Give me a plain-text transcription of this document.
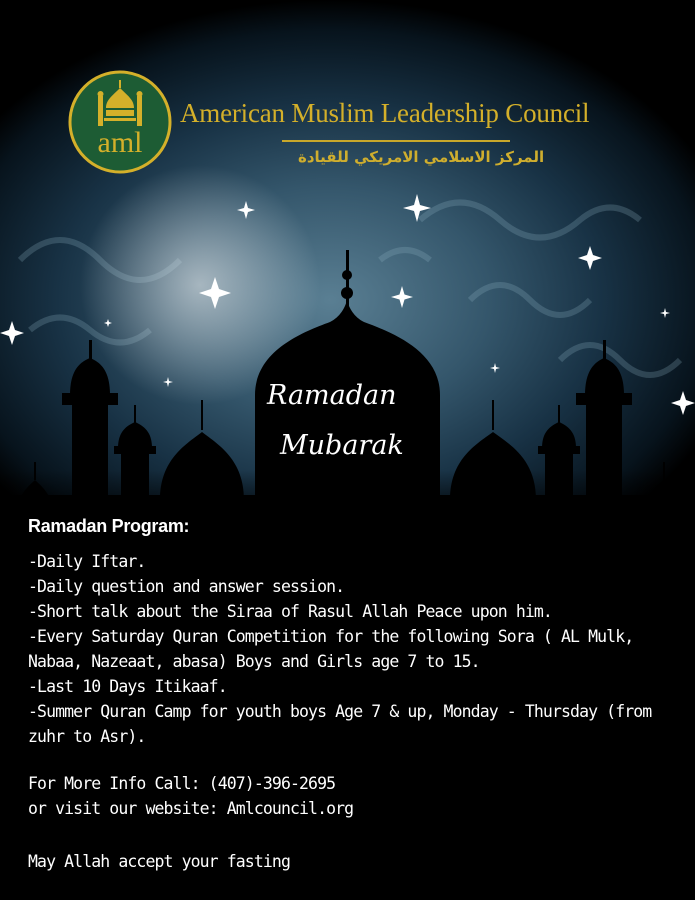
aml
American Muslim Leadership Council
المركز الاسلامي الامريكي للقيادة
Ramadan
Mubarak
Ramadan Program:
-Daily Iftar.
-Daily question and answer session.
-Short talk about the Siraa of Rasul Allah Peace upon him.
-Every Saturday Quran Competition for the following Sora ( AL Mulk, Nabaa, Nazeaat, abasa) Boys and Girls age 7 to 15.
-Last 10 Days Itikaaf.
-Summer Quran Camp for youth boys Age 7 & up, Monday - Thursday (from zuhr to Asr).
For More Info Call: (407)-396-2695
or visit our website: Amlcouncil.org
May Allah accept your fasting
